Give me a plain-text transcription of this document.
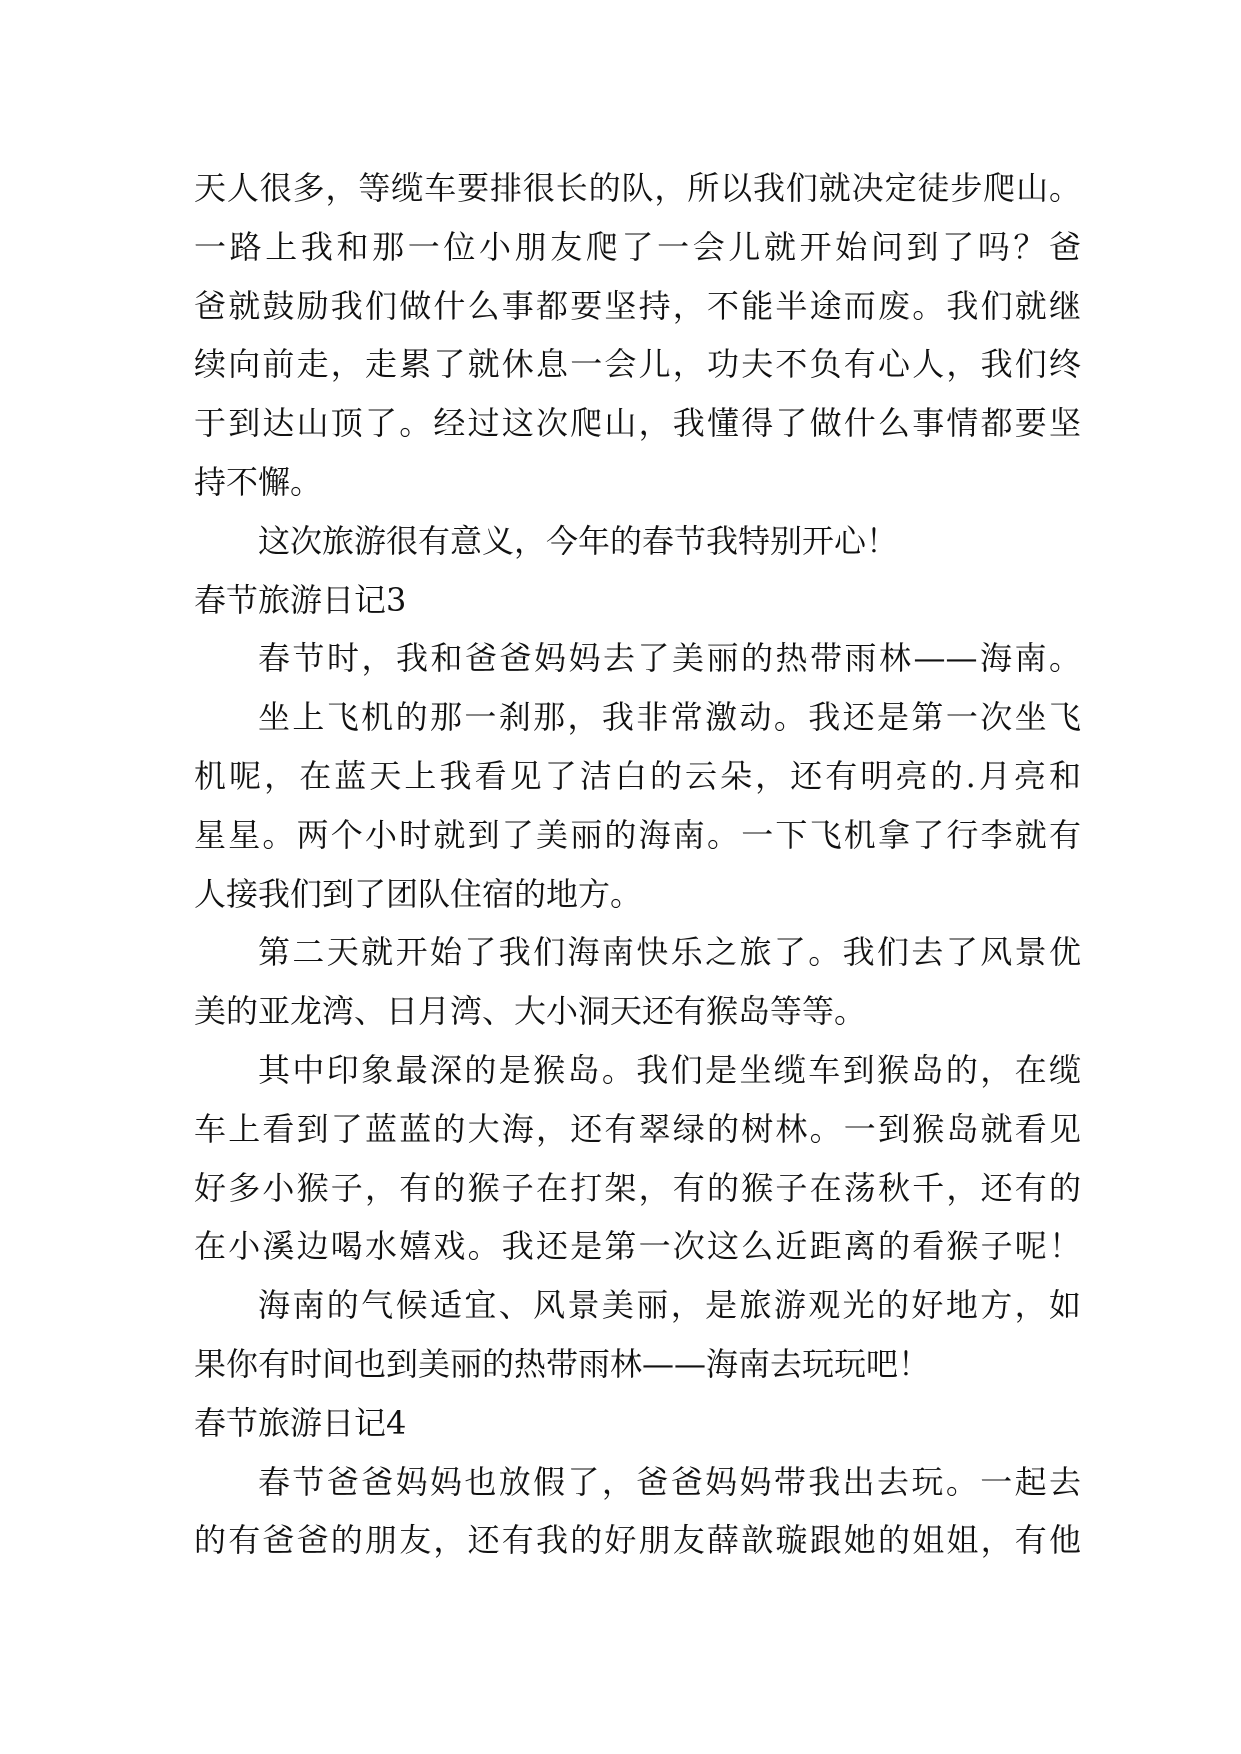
天人很多，等缆车要排很长的队，所以我们就决定徒步爬山。
一路上我和那一位小朋友爬了一会儿就开始问到了吗？爸
爸就鼓励我们做什么事都要坚持，不能半途而废。我们就继
续向前走，走累了就休息一会儿，功夫不负有心人，我们终
于到达山顶了。经过这次爬山，我懂得了做什么事情都要坚
持不懈。
这次旅游很有意义，今年的春节我特别开心！
春节旅游日记3
春节时，我和爸爸妈妈去了美丽的热带雨林——海南。
坐上飞机的那一刹那，我非常激动。我还是第一次坐飞
机呢，在蓝天上我看见了洁白的云朵，还有明亮的.月亮和
星星。两个小时就到了美丽的海南。一下飞机拿了行李就有
人接我们到了团队住宿的地方。
第二天就开始了我们海南快乐之旅了。我们去了风景优
美的亚龙湾、日月湾、大小洞天还有猴岛等等。
其中印象最深的是猴岛。我们是坐缆车到猴岛的，在缆
车上看到了蓝蓝的大海，还有翠绿的树林。一到猴岛就看见
好多小猴子，有的猴子在打架，有的猴子在荡秋千，还有的
在小溪边喝水嬉戏。我还是第一次这么近距离的看猴子呢！
海南的气候适宜、风景美丽，是旅游观光的好地方，如
果你有时间也到美丽的热带雨林——海南去玩玩吧！
春节旅游日记4
春节爸爸妈妈也放假了，爸爸妈妈带我出去玩。一起去
的有爸爸的朋友，还有我的好朋友薛歆璇跟她的姐姐，有他
